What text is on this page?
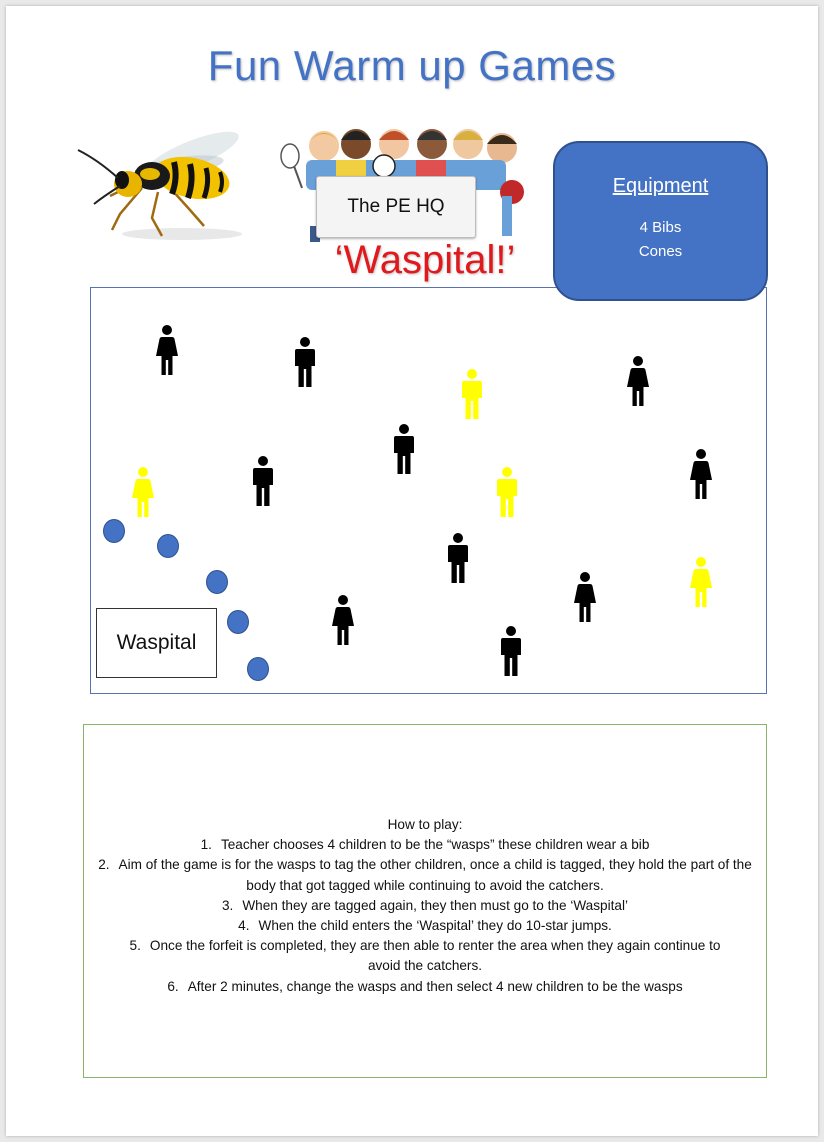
Fun Warm up Games
The PE HQ
‘Waspital!’
Equipment
4 Bibs
Cones
Waspital
How to play:
1. Teacher chooses 4 children to be the “wasps” these children wear a bib
2. Aim of the game is for the wasps to tag the other children, once a child is tagged, they hold the part of the body that got tagged while continuing to avoid the catchers.
3. When they are tagged again, they then must go to the ‘Waspital’
4. When the child enters the ‘Waspital’ they do 10-star jumps.
5. Once the forfeit is completed, they are then able to renter the area when they again continue to avoid the catchers.
6. After 2 minutes, change the wasps and then select 4 new children to be the wasps
